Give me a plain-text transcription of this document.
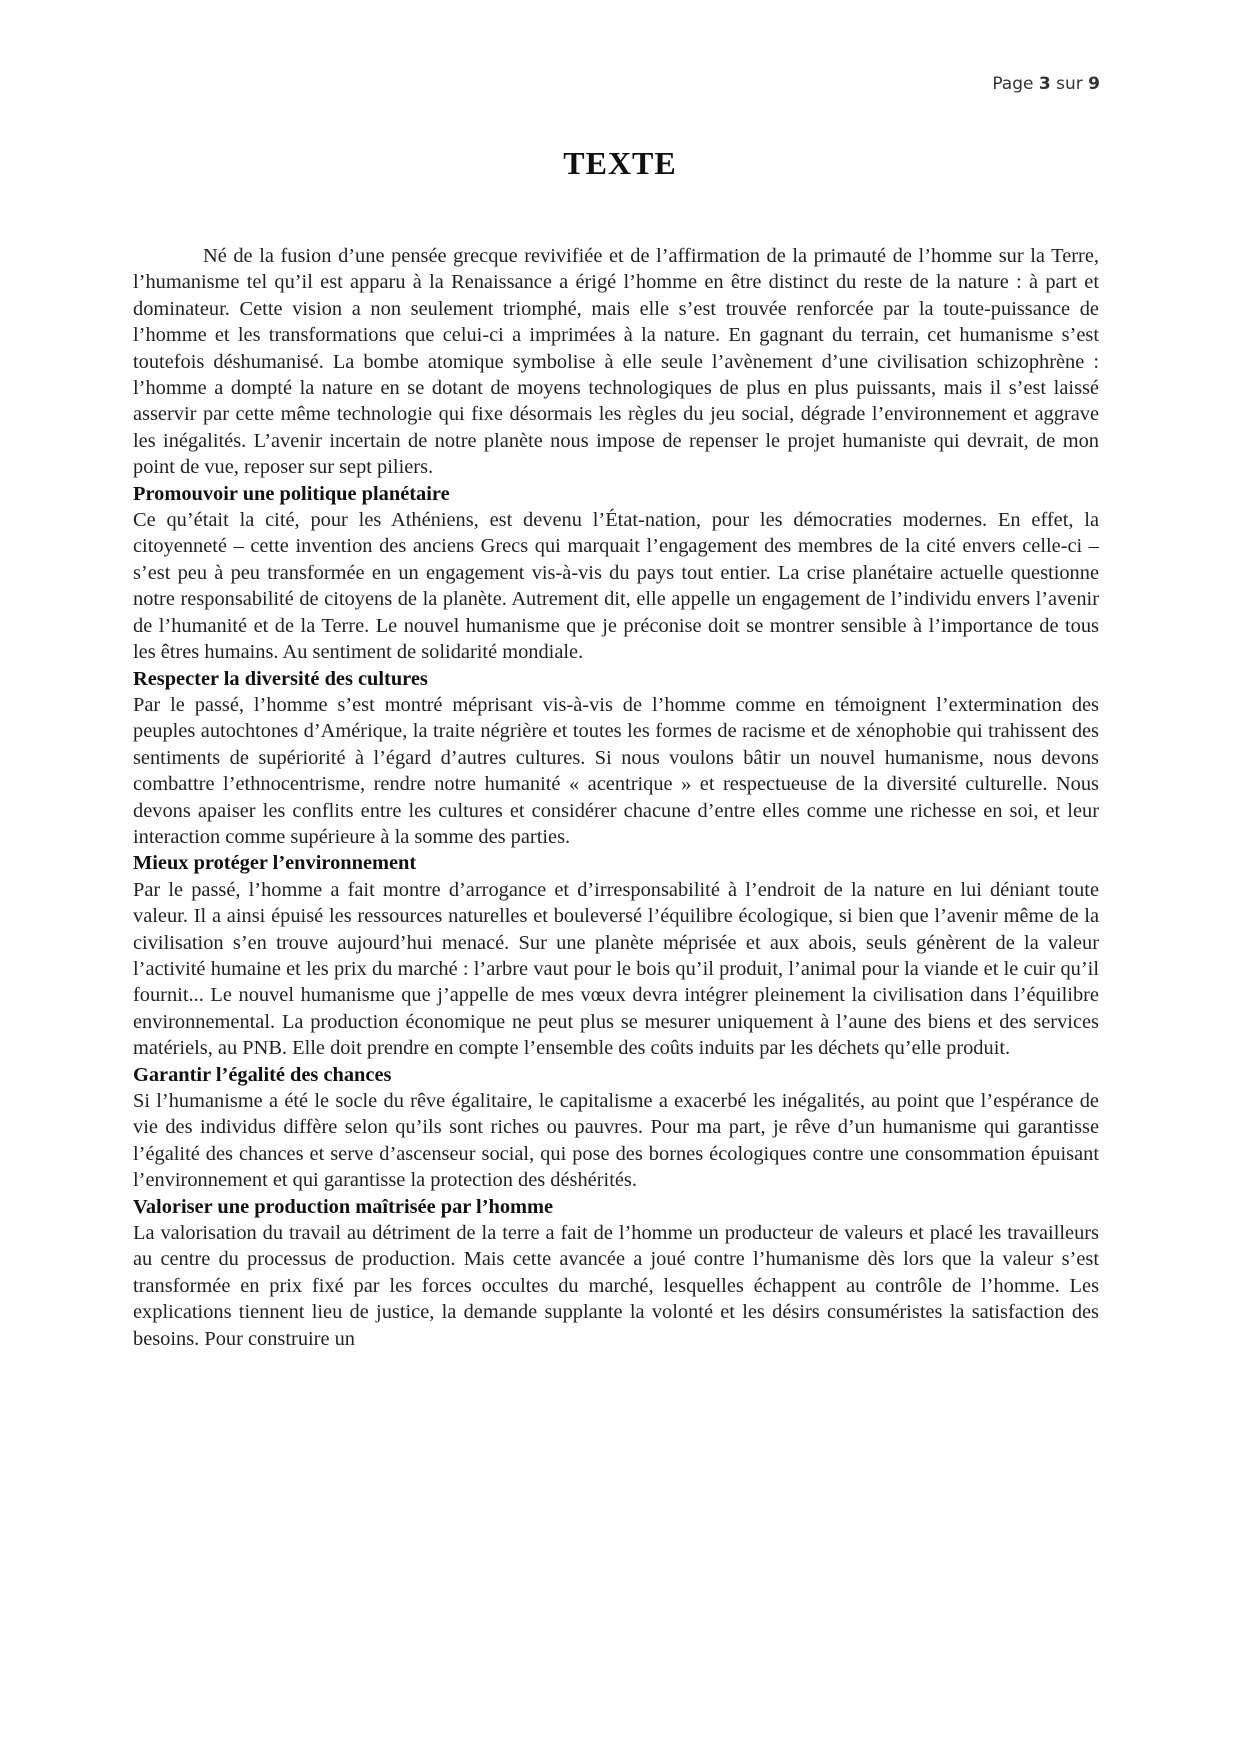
Page 3 sur 9
TEXTE

Né de la fusion d’une pensée grecque revivifiée et de l’affirmation de la primauté de l’homme sur la Terre, l’humanisme tel qu’il est apparu à la Renaissance a érigé l’homme en être distinct du reste de la nature : à part et dominateur. Cette vision a non seulement triomphé, mais elle s’est trouvée renforcée par la toute-puissance de l’homme et les transformations que celui-ci a imprimées à la nature. En gagnant du terrain, cet humanisme s’est toutefois déshumanisé. La bombe atomique symbolise à elle seule l’avènement d’une civilisation schizophrène : l’homme a dompté la nature en se dotant de moyens technologiques de plus en plus puissants, mais il s’est laissé asservir par cette même technologie qui fixe désormais les règles du jeu social, dégrade l’environnement et aggrave les inégalités. L’avenir incertain de notre planète nous impose de repenser le projet humaniste qui devrait, de mon point de vue, reposer sur sept piliers.

Promouvoir une politique planétaire

Ce qu’était la cité, pour les Athéniens, est devenu l’État-nation, pour les démocraties modernes. En effet, la citoyenneté – cette invention des anciens Grecs qui marquait l’engagement des membres de la cité envers celle-ci – s’est peu à peu transformée en un engagement vis-à-vis du pays tout entier. La crise planétaire actuelle questionne notre responsabilité de citoyens de la planète. Autrement dit, elle appelle un engagement de l’individu envers l’avenir de l’humanité et de la Terre. Le nouvel humanisme que je préconise doit se montrer sensible à l’importance de tous les êtres humains. Au sentiment de solidarité mondiale.

Respecter la diversité des cultures

Par le passé, l’homme s’est montré méprisant vis-à-vis de l’homme comme en témoignent l’extermination des peuples autochtones d’Amérique, la traite négrière et toutes les formes de racisme et de xénophobie qui trahissent des sentiments de supériorité à l’égard d’autres cultures. Si nous voulons bâtir un nouvel humanisme, nous devons combattre l’ethnocentrisme, rendre notre humanité « acentrique » et respectueuse de la diversité culturelle. Nous devons apaiser les conflits entre les cultures et considérer chacune d’entre elles comme une richesse en soi, et leur interaction comme supérieure à la somme des parties.

Mieux protéger l’environnement

Par le passé, l’homme a fait montre d’arrogance et d’irresponsabilité à l’endroit de la nature en lui déniant toute valeur. Il a ainsi épuisé les ressources naturelles et bouleversé l’équilibre écologique, si bien que l’avenir même de la civilisation s’en trouve aujourd’hui menacé. Sur une planète méprisée et aux abois, seuls génèrent de la valeur l’activité humaine et les prix du marché : l’arbre vaut pour le bois qu’il produit, l’animal pour la viande et le cuir qu’il fournit... Le nouvel humanisme que j’appelle de mes vœux devra intégrer pleinement la civilisation dans l’équilibre environnemental. La production économique ne peut plus se mesurer uniquement à l’aune des biens et des services matériels, au PNB. Elle doit prendre en compte l’ensemble des coûts induits par les déchets qu’elle produit.

Garantir l’égalité des chances

Si l’humanisme a été le socle du rêve égalitaire, le capitalisme a exacerbé les inégalités, au point que l’espérance de vie des individus diffère selon qu’ils sont riches ou pauvres. Pour ma part, je rêve d’un humanisme qui garantisse l’égalité des chances et serve d’ascenseur social, qui pose des bornes écologiques contre une consommation épuisant l’environnement et qui garantisse la protection des déshérités.

Valoriser une production maîtrisée par l’homme

La valorisation du travail au détriment de la terre a fait de l’homme un producteur de valeurs et placé les travailleurs au centre du processus de production. Mais cette avancée a joué contre l’humanisme dès lors que la valeur s’est transformée en prix fixé par les forces occultes du marché, lesquelles échappent au contrôle de l’homme. Les explications tiennent lieu de justice, la demande supplante la volonté et les désirs consuméristes la satisfaction des besoins. Pour construire un
